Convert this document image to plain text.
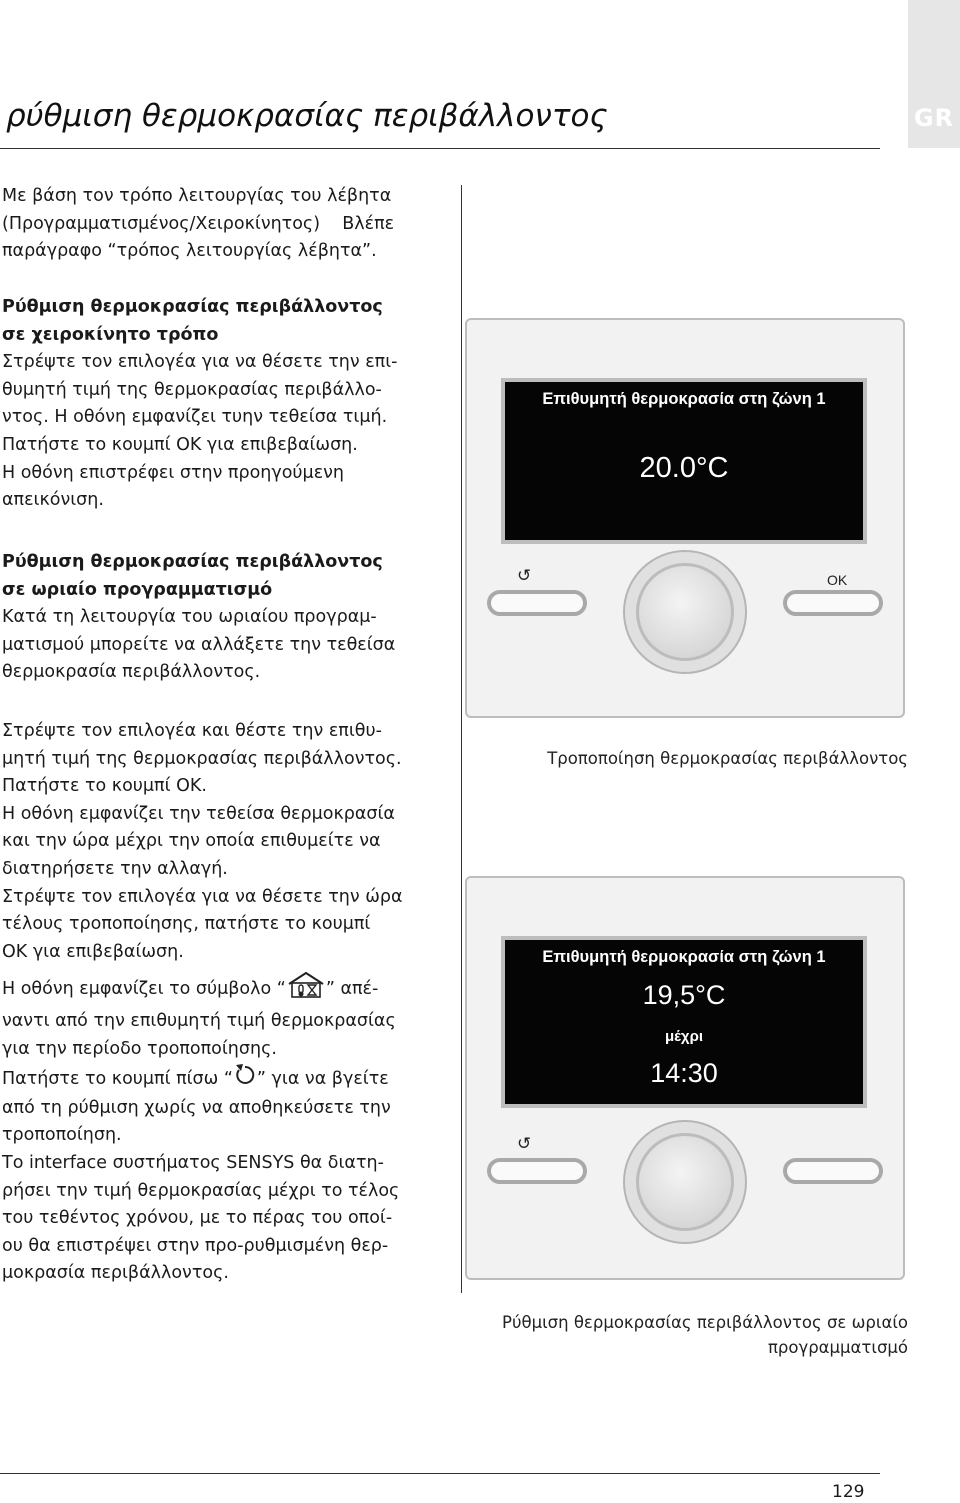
GR
ρύθμιση θερμοκρασίας περιβάλλοντος

Με βάση τον τρόπο λειτουργίας του λέβητα

(Προγραμματισμένος/Χειροκίνητος)    Βλέπε

παράγραφο “τρόπος λειτουργίας λέβητα”.

Ρύθμιση θερμοκρασίας περιβάλλοντος

σε χειροκίνητο τρόπο

Στρέψτε τον επιλογέα για να θέσετε την επι-

θυμητή τιμή της θερμοκρασίας περιβάλλο-

ντος. Η οθόνη εμφανίζει τυην τεθείσα τιμή.

Πατήστε το κουμπί OK για επιβεβαίωση.

Η οθόνη επιστρέφει στην προηγούμενη

απεικόνιση.

Ρύθμιση θερμοκρασίας περιβάλλοντος

σε ωριαίο προγραμματισμό

Κατά τη λειτουργία του ωριαίου προγραμ-

ματισμού μπορείτε να αλλάξετε την τεθείσα

θερμοκρασία περιβάλλοντος.

Στρέψτε τον επιλογέα και θέστε την επιθυ-

μητή τιμή της θερμοκρασίας περιβάλλοντος.

Πατήστε το κουμπί OK.

Η οθόνη εμφανίζει την τεθείσα θερμοκρασία

και την ώρα μέχρι την οποία επιθυμείτε να

διατηρήσετε την αλλαγή.

Στρέψτε τον επιλογέα για να θέσετε την ώρα

τέλους τροποποίησης, πατήστε το κουμπί

OK για επιβεβαίωση.

Η οθόνη εμφανίζει το σύμβολο “ ” απέ-

ναντι από την επιθυμητή τιμή θερμοκρασίας

για την περίοδο τροποποίησης.

Πατήστε το κουμπί πίσω “ ” για να βγείτε

από τη ρύθμιση χωρίς να αποθηκεύσετε την

τροποποίηση.

Το interface συστήματος SENSYS θα διατη-

ρήσει την τιμή θερμοκρασίας μέχρι το τέλος

του τεθέντος χρόνου, με το πέρας του οποί-

ου θα επιστρέψει στην προ-ρυθμισμένη θερ-

μοκρασία περιβάλλοντος.

Επιθυμητή θερμοκρασία στη ζώνη 1
20.0°C
↺	OK
Τροποποίηση θερμοκρασίας περιβάλλοντος
Επιθυμητή θερμοκρασία στη ζώνη 1
19,5°C
μέχρι
14:30
↺
Ρύθμιση θερμοκρασίας περιβάλλοντος σε ωριαίο
προγραμματισμό
129
